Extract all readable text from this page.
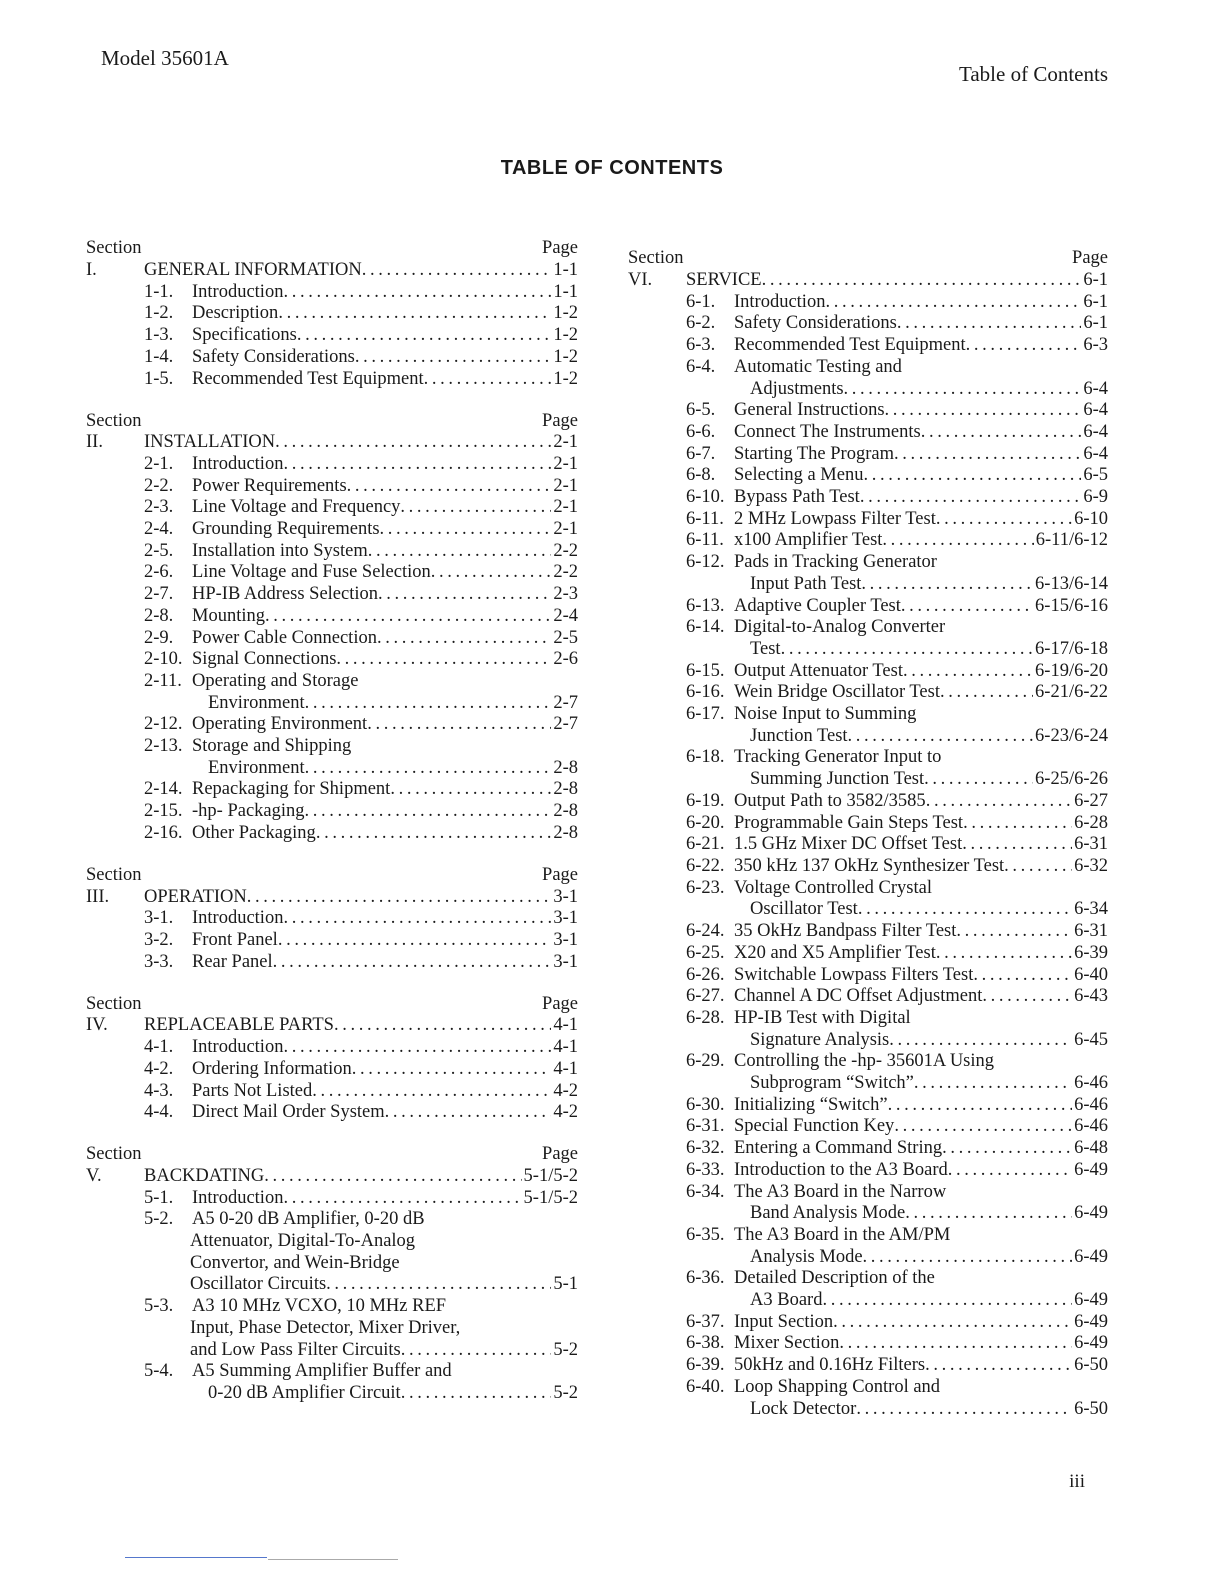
Model 35601A
Table of Contents
TABLE OF CONTENTS
Section	Page
I.	GENERAL INFORMATION . . .	1-1
1-1.	Introduction . . .	1-1
1-2.	Description . . .	1-2
1-3.	Specifications . . .	1-2
1-4.	Safety Considerations . . .	1-2
1-5.	Recommended Test Equipment . . .	1-2
Section	Page
II.	INSTALLATION . . .	2-1
2-1.	Introduction . . .	2-1
2-2.	Power Requirements . . .	2-1
2-3.	Line Voltage and Frequency . . .	2-1
2-4.	Grounding Requirements . . .	2-1
2-5.	Installation into System . . .	2-2
2-6.	Line Voltage and Fuse Selection . . .	2-2
2-7.	HP-IB Address Selection . . .	2-3
2-8.	Mounting . . .	2-4
2-9.	Power Cable Connection . . .	2-5
2-10. Signal Connections . . .	2-6
2-11. Operating and Storage
Environment . . .	2-7
2-12. Operating Environment . . .	2-7
2-13. Storage and Shipping
Environment . . .	2-8
2-14. Repackaging for Shipment . . .	2-8
2-15. -hp- Packaging . . .	2-8
2-16. Other Packaging . . .	2-8
Section	Page
III.	OPERATION . . .	3-1
3-1.	Introduction . . .	3-1
3-2.	Front Panel . . .	3-1
3-3.	Rear Panel . . .	3-1
Section	Page
IV.	REPLACEABLE PARTS . . .	4-1
4-1.	Introduction . . .	4-1
4-2.	Ordering Information . . .	4-1
4-3.	Parts Not Listed . . .	4-2
4-4.	Direct Mail Order System . . .	4-2
Section	Page
V.	BACKDATING . . .	5-1/5-2
5-1.	Introduction . . .	5-1/5-2
5-2.	A5 0-20 dB Amplifier, 0-20 dB
Attenuator, Digital-To-Analog
Convertor, and Wein-Bridge
Oscillator Circuits . . .	5-1
5-3.	A3 10 MHz VCXO, 10 MHz REF
Input, Phase Detector, Mixer Driver,
and Low Pass Filter Circuits . . .	5-2
5-4.	A5 Summing Amplifier Buffer and
0-20 dB Amplifier Circuit . . .	5-2
Section	Page
VI.	SERVICE . . .	6-1
6-1.	Introduction . . .	6-1
6-2.	Safety Considerations . . .	6-1
6-3.	Recommended Test Equipment . . .	6-3
6-4.	Automatic Testing and
Adjustments . . .	6-4
6-5.	General Instructions . . .	6-4
6-6.	Connect The Instruments . . .	6-4
6-7.	Starting The Program . . .	6-4
6-8.	Selecting a Menu . . .	6-5
6-10. Bypass Path Test . . .	6-9
6-11. 2 MHz Lowpass Filter Test . . .	6-10
6-11. x100 Amplifier Test . . .	6-11/6-12
6-12. Pads in Tracking Generator
Input Path Test . . .	6-13/6-14
6-13. Adaptive Coupler Test . . .	6-15/6-16
6-14. Digital-to-Analog Converter
Test . . .	6-17/6-18
6-15. Output Attenuator Test . . .	6-19/6-20
6-16. Wein Bridge Oscillator Test . . .	6-21/6-22
6-17. Noise Input to Summing
Junction Test . . .	6-23/6-24
6-18. Tracking Generator Input to
Summing Junction Test . . .	6-25/6-26
6-19. Output Path to 3582/3585 . . .	6-27
6-20. Programmable Gain Steps Test . . .	6-28
6-21. 1.5 GHz Mixer DC Offset Test . . .	6-31
6-22. 350 kHz 137 OkHz Synthesizer Test . . .	6-32
6-23. Voltage Controlled Crystal
Oscillator Test . . .	6-34
6-24. 35 OkHz Bandpass Filter Test . . .	6-31
6-25. X20 and X5 Amplifier Test . . .	6-39
6-26. Switchable Lowpass Filters Test . . .	6-40
6-27. Channel A DC Offset Adjustment . . .	6-43
6-28. HP-IB Test with Digital
Signature Analysis . . .	6-45
6-29. Controlling the -hp- 35601A Using
Subprogram “Switch” . . .	6-46
6-30. Initializing “Switch” . . .	6-46
6-31. Special Function Key . . .	6-46
6-32. Entering a Command String . . .	6-48
6-33. Introduction to the A3 Board . . .	6-49
6-34. The A3 Board in the Narrow
Band Analysis Mode . . .	6-49
6-35. The A3 Board in the AM/PM
Analysis Mode . . .	6-49
6-36. Detailed Description of the
A3 Board . . .	6-49
6-37. Input Section . . .	6-49
6-38. Mixer Section . . .	6-49
6-39. 50kHz and 0.16Hz Filters . . .	6-50
6-40. Loop Shapping Control and
Lock Detector . . .	6-50
iii
